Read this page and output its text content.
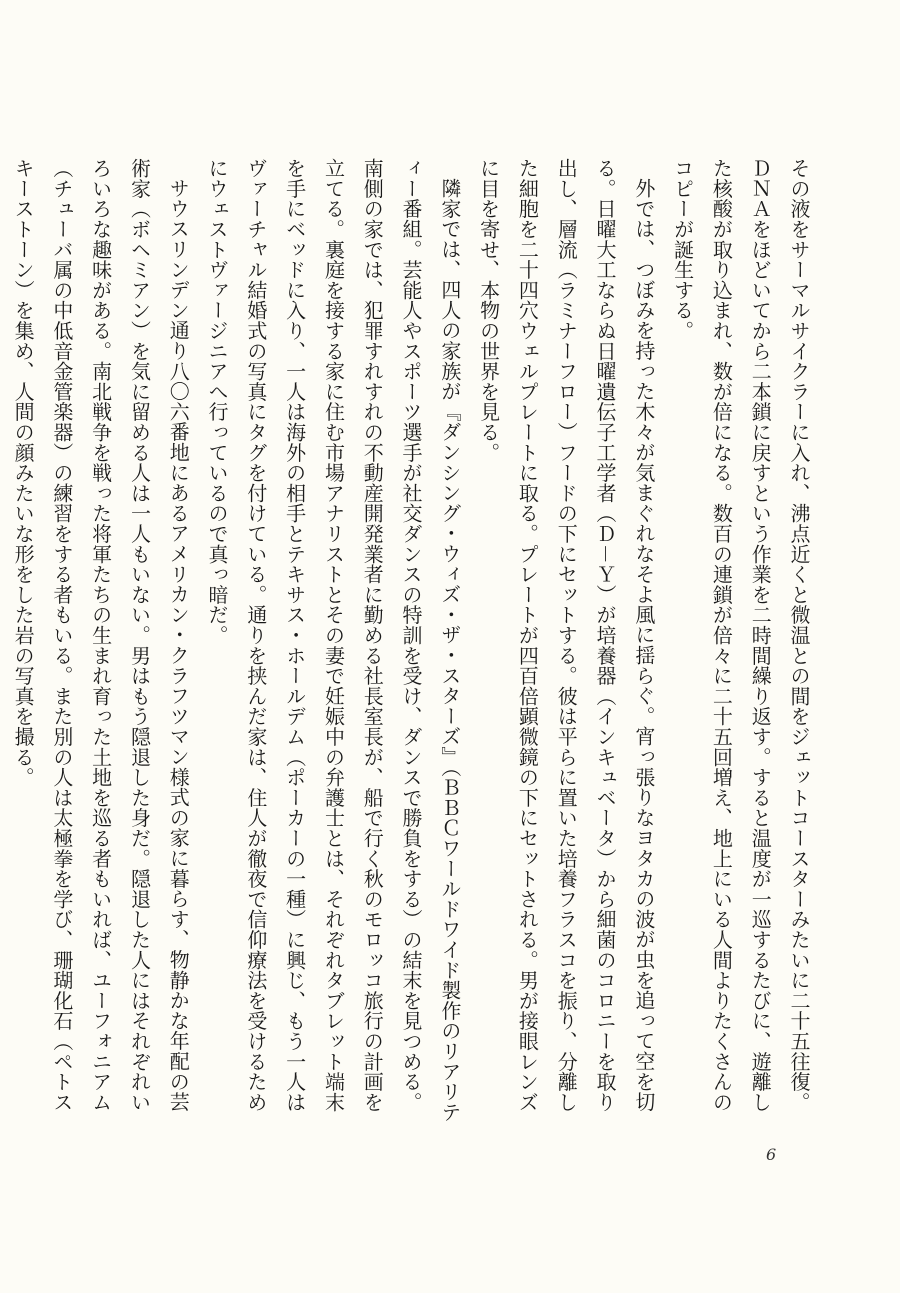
その液をサーマルサイクラーに入れ、沸点近くと微温との間をジェットコースターみたいに二十五往復。ＤＮＡをほどいてから二本鎖に戻すという作業を二時間繰り返す。すると温度が一巡するたびに、遊離した核酸が取り込まれ、数が倍になる。数百の連鎖が倍々に二十五回増え、地上にいる人間よりたくさんのコピーが誕生する。

外では、つぼみを持った木々が気まぐれなそよ風に揺らぐ。宵っ張りなヨタカの波が虫を追って空を切る。日曜大工ならぬ日曜遺伝子工学者（Ｄ－Ｙ）が培養器（インキュベータ）から細菌のコロニーを取り出し、層流（ラミナーフロー）フードの下にセットする。彼は平らに置いた培養フラスコを振り、分離した細胞を二十四穴ウェルプレートに取る。プレートが四百倍顕微鏡の下にセットされる。男が接眼レンズに目を寄せ、本物の世界を見る。

隣家では、四人の家族が『ダンシング・ウィズ・ザ・スターズ』（ＢＢＣワールドワイド製作のリアリティー番組。芸能人やスポーツ選手が社交ダンスの特訓を受け、ダンスで勝負をする）の結末を見つめる。南側の家では、犯罪すれすれの不動産開発業者に勤める社長室長が、船で行く秋のモロッコ旅行の計画を立てる。裏庭を接する家に住む市場アナリストとその妻で妊娠中の弁護士とは、それぞれタブレット端末を手にベッドに入り、一人は海外の相手とテキサス・ホールデム（ポーカーの一種）に興じ、もう一人はヴァーチャル結婚式の写真にタグを付けている。通りを挟んだ家は、住人が徹夜で信仰療法を受けるためにウェストヴァージニアへ行っているので真っ暗だ。

サウスリンデン通り八〇六番地にあるアメリカン・クラフツマン様式の家に暮らす、物静かな年配の芸術家（ボヘミアン）を気に留める人は一人もいない。男はもう隠退した身だ。隠退した人にはそれぞれいろいろな趣味がある。南北戦争を戦った将軍たちの生まれ育った土地を巡る者もいれば、ユーフォニアム（チューバ属の中低音金管楽器）の練習をする者もいる。また別の人は太極拳を学び、珊瑚化石（ペトスキーストーン）を集め、人間の顔みたいな形をした岩の写真を撮る。

6
